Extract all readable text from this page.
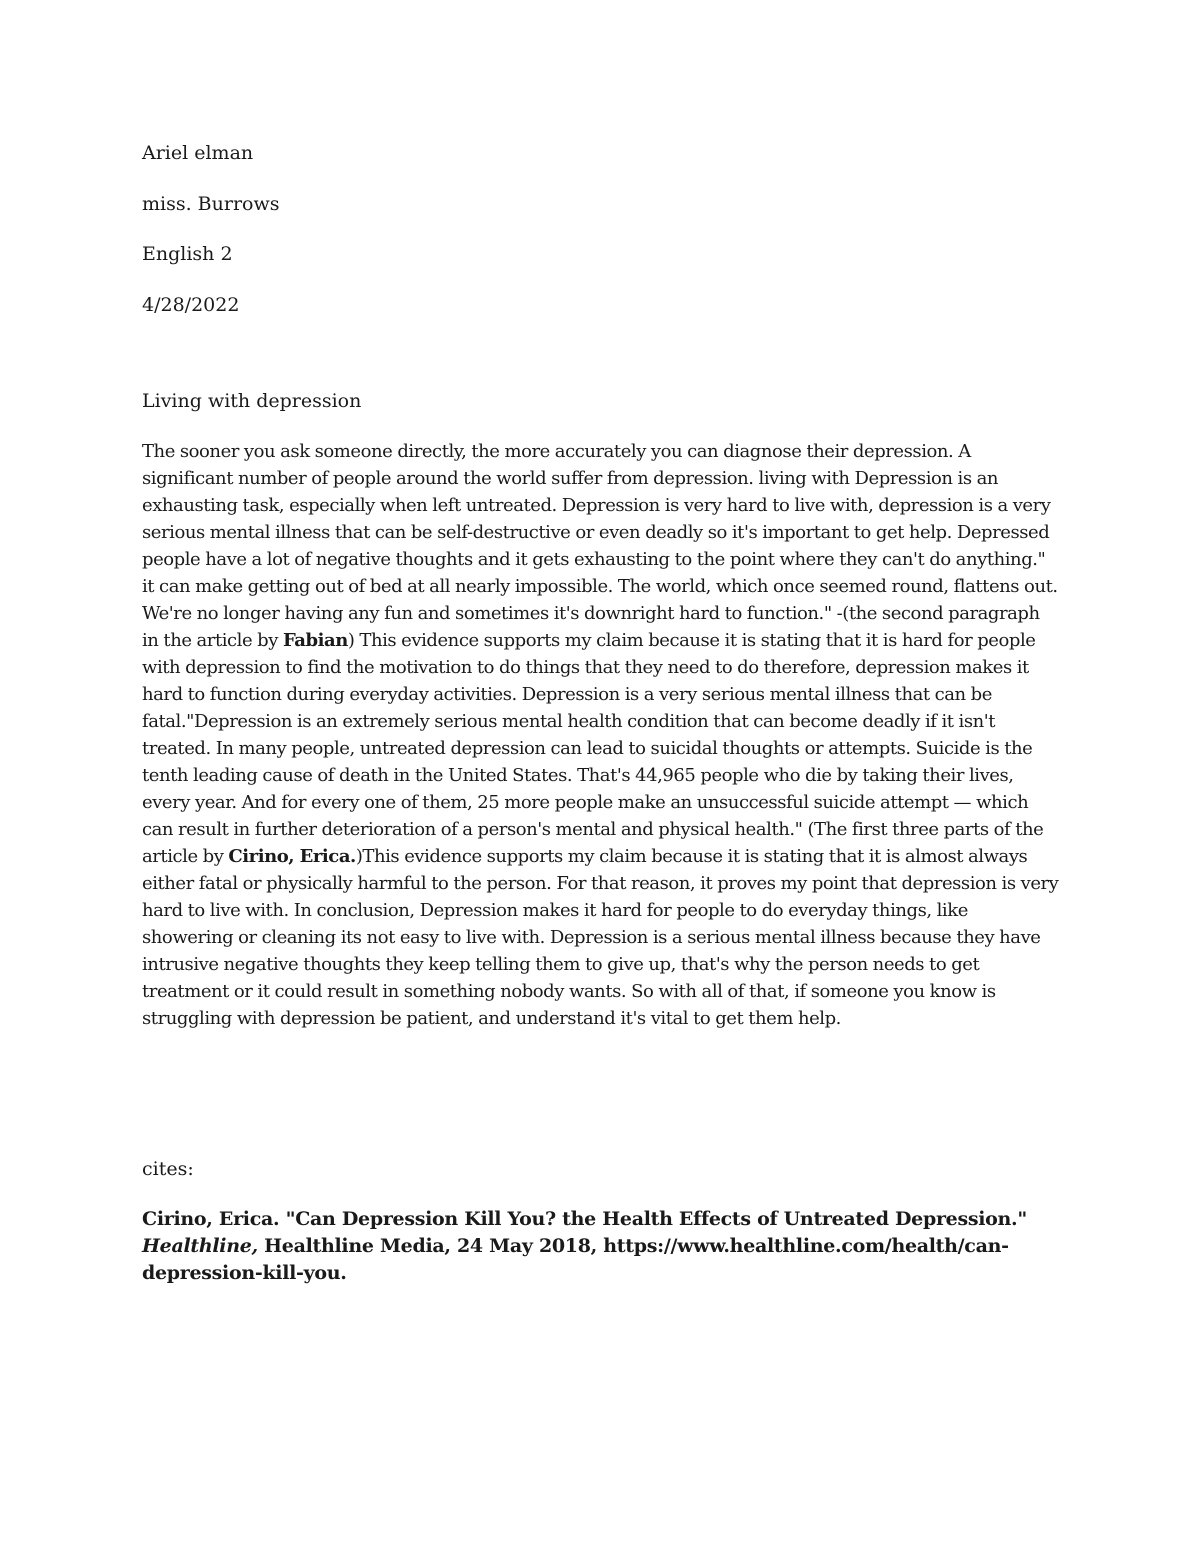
Ariel elman
miss. Burrows
English 2
4/28/2022
Living with depression

The sooner you ask someone directly, the more accurately you can diagnose their depression. A significant number of people around the world suffer from depression. living with Depression is an exhausting task, especially when left untreated. Depression is very hard to live with, depression is a very serious mental illness that can be self-destructive or even deadly so it's important to get help. Depressed people have a lot of negative thoughts and it gets exhausting to the point where they can't do anything." it can make getting out of bed at all nearly impossible. The world, which once seemed round, flattens out. We're no longer having any fun and sometimes it's downright hard to function." -(the second paragraph in the article by Fabian) This evidence supports my claim because it is stating that it is hard for people with depression to find the motivation to do things that they need to do therefore, depression makes it hard to function during everyday activities. Depression is a very serious mental illness that can be fatal."Depression is an extremely serious mental health condition that can become deadly if it isn't treated. In many people, untreated depression can lead to suicidal thoughts or attempts. Suicide is the tenth leading cause of death in the United States. That's 44,965 people who die by taking their lives, every year. And for every one of them, 25 more people make an unsuccessful suicide attempt — which can result in further deterioration of a person's mental and physical health." (The first three parts of the article by Cirino, Erica.)This evidence supports my claim because it is stating that it is almost always either fatal or physically harmful to the person. For that reason, it proves my point that depression is very hard to live with. In conclusion, Depression makes it hard for people to do everyday things, like showering or cleaning its not easy to live with. Depression is a serious mental illness because they have intrusive negative thoughts they keep telling them to give up, that's why the person needs to get treatment or it could result in something nobody wants. So with all of that, if someone you know is struggling with depression be patient, and understand it's vital to get them help.

cites:

Cirino, Erica. "Can Depression Kill You? the Health Effects of Untreated Depression." Healthline, Healthline Media, 24 May 2018, https://www.healthline.com/health/can-depression-kill-you.
